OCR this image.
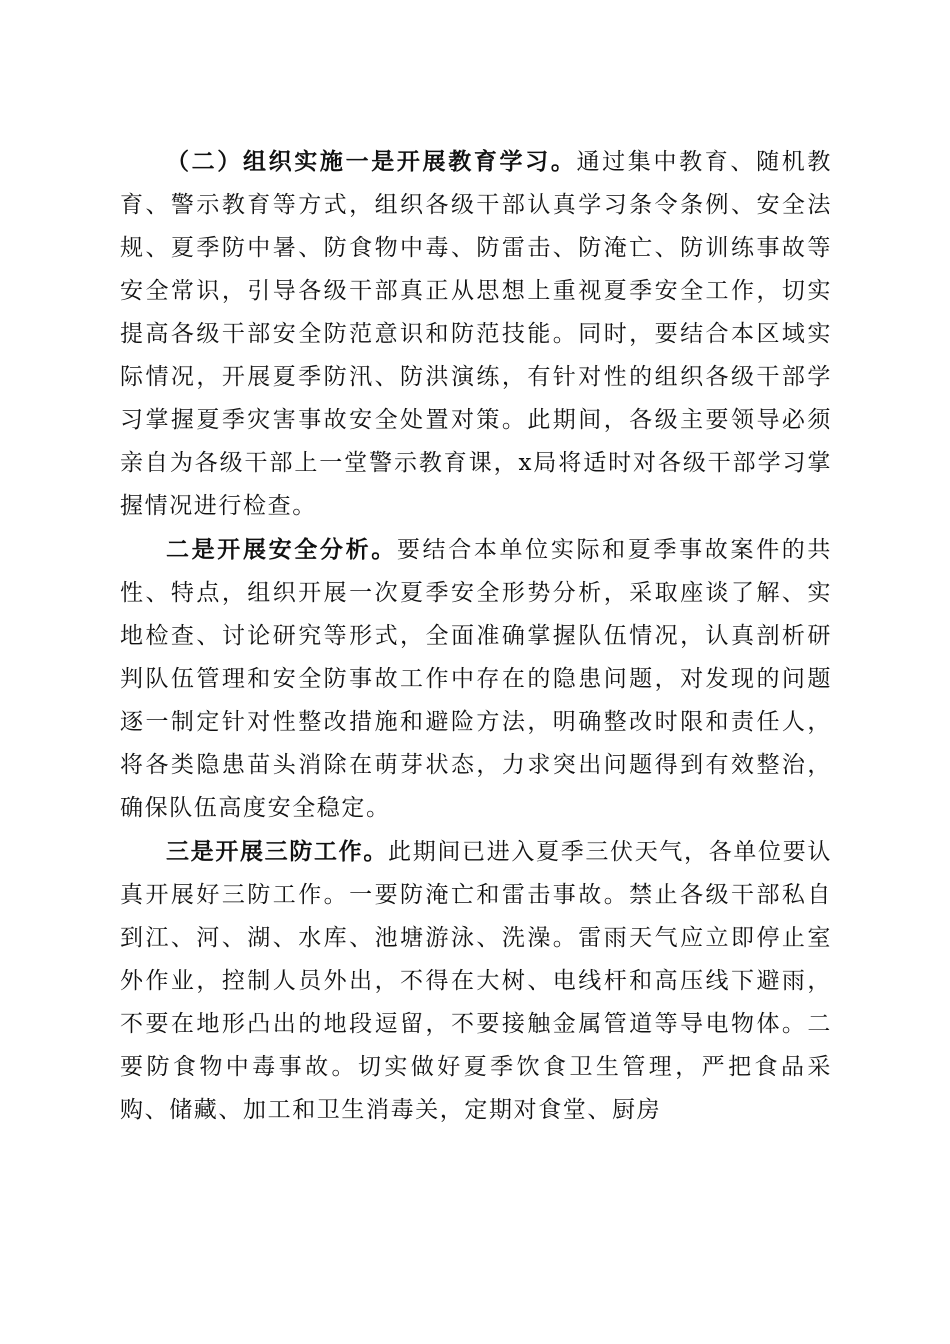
（二）组织实施一是开展教育学习。通过集中教育、随机教育、警示教育等方式，组织各级干部认真学习条令条例、安全法规、夏季防中暑、防食物中毒、防雷击、防淹亡、防训练事故等安全常识，引导各级干部真正从思想上重视夏季安全工作，切实提高各级干部安全防范意识和防范技能。同时，要结合本区域实际情况，开展夏季防汛、防洪演练，有针对性的组织各级干部学习掌握夏季灾害事故安全处置对策。此期间，各级主要领导必须亲自为各级干部上一堂警示教育课，x局将适时对各级干部学习掌握情况进行检查。

二是开展安全分析。要结合本单位实际和夏季事故案件的共性、特点，组织开展一次夏季安全形势分析，采取座谈了解、实地检查、讨论研究等形式，全面准确掌握队伍情况，认真剖析研判队伍管理和安全防事故工作中存在的隐患问题，对发现的问题逐一制定针对性整改措施和避险方法，明确整改时限和责任人，将各类隐患苗头消除在萌芽状态，力求突出问题得到有效整治，确保队伍高度安全稳定。

三是开展三防工作。此期间已进入夏季三伏天气，各单位要认真开展好三防工作。一要防淹亡和雷击事故。禁止各级干部私自到江、河、湖、水库、池塘游泳、洗澡。雷雨天气应立即停止室外作业，控制人员外出，不得在大树、电线杆和高压线下避雨，不要在地形凸出的地段逗留，不要接触金属管道等导电物体。二要防食物中毒事故。切实做好夏季饮食卫生管理，严把食品采购、储藏、加工和卫生消毒关，定期对食堂、厨房
